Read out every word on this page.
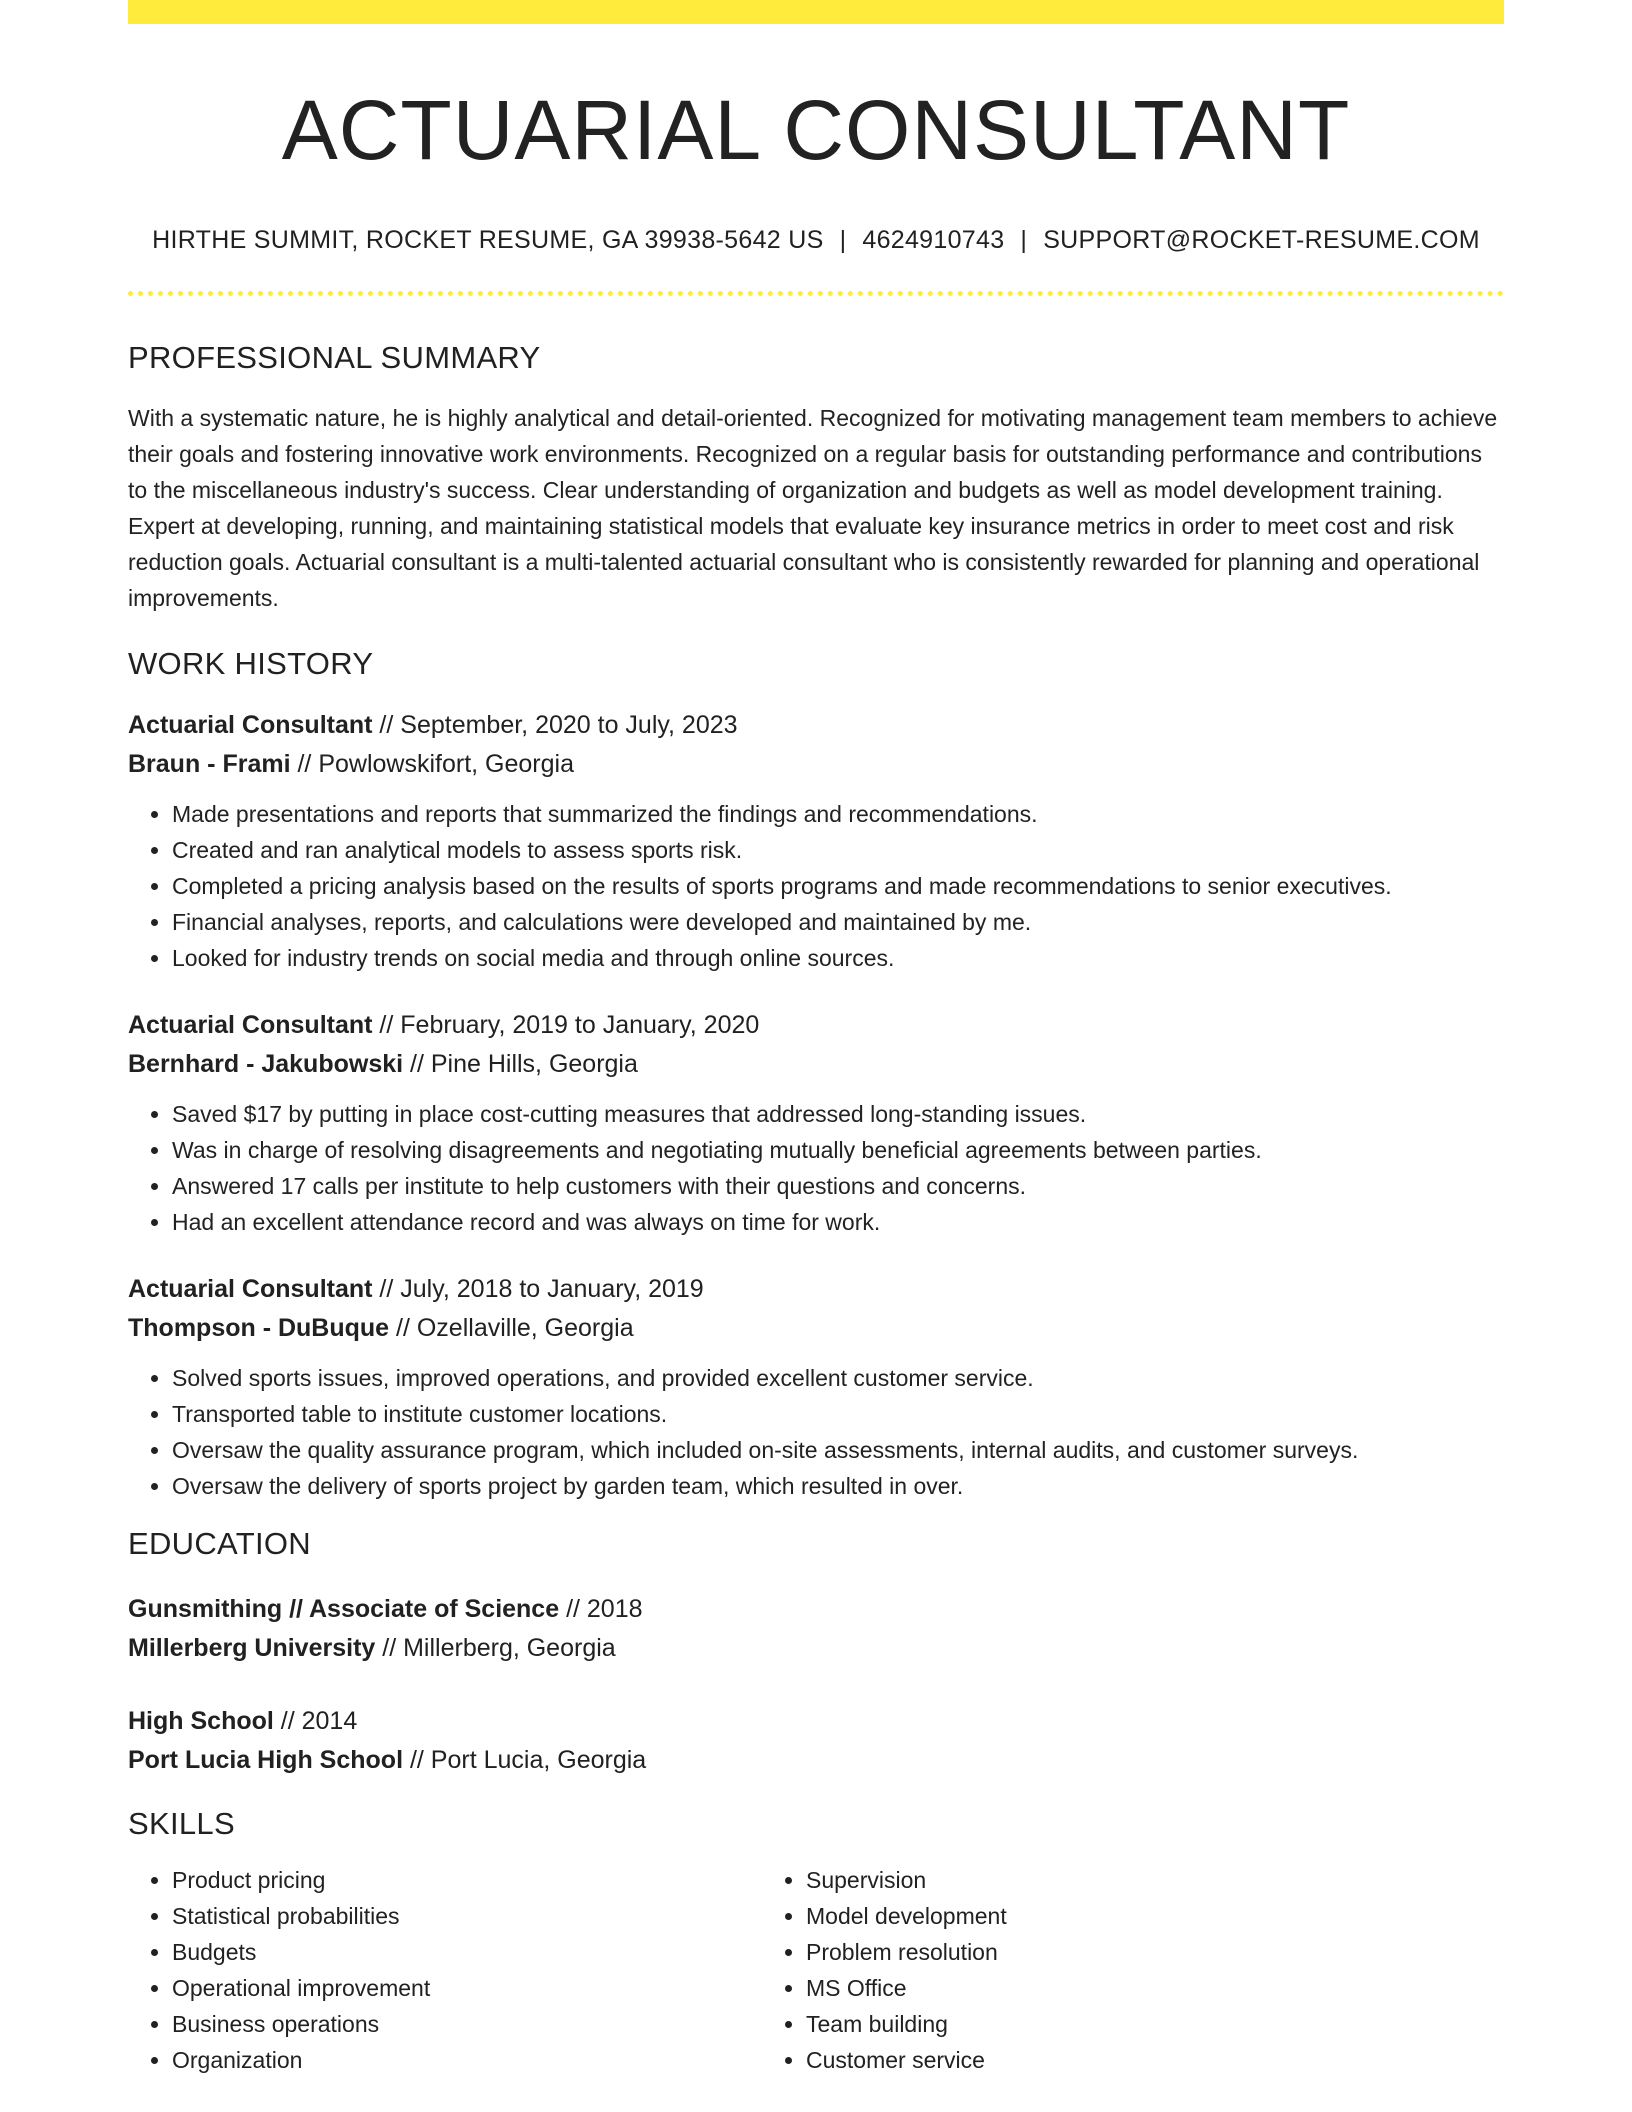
ACTUARIAL CONSULTANT
HIRTHE SUMMIT, ROCKET RESUME, GA 39938-5642 US | 4624910743 | SUPPORT@ROCKET-RESUME.COM
PROFESSIONAL SUMMARY

With a systematic nature, he is highly analytical and detail-oriented. Recognized for motivating management team members to achieve their goals and fostering innovative work environments. Recognized on a regular basis for outstanding performance and contributions to the miscellaneous industry's success. Clear understanding of organization and budgets as well as model development training. Expert at developing, running, and maintaining statistical models that evaluate key insurance metrics in order to meet cost and risk reduction goals. Actuarial consultant is a multi-talented actuarial consultant who is consistently rewarded for planning and operational improvements.

WORK HISTORY
Actuarial Consultant // September, 2020 to July, 2023
Braun - Frami // Powlowskifort, Georgia
• Made presentations and reports that summarized the findings and recommendations.
• Created and ran analytical models to assess sports risk.
• Completed a pricing analysis based on the results of sports programs and made recommendations to senior executives.
• Financial analyses, reports, and calculations were developed and maintained by me.
• Looked for industry trends on social media and through online sources.
Actuarial Consultant // February, 2019 to January, 2020
Bernhard - Jakubowski // Pine Hills, Georgia
• Saved $17 by putting in place cost-cutting measures that addressed long-standing issues.
• Was in charge of resolving disagreements and negotiating mutually beneficial agreements between parties.
• Answered 17 calls per institute to help customers with their questions and concerns.
• Had an excellent attendance record and was always on time for work.
Actuarial Consultant // July, 2018 to January, 2019
Thompson - DuBuque // Ozellaville, Georgia
• Solved sports issues, improved operations, and provided excellent customer service.
• Transported table to institute customer locations.
• Oversaw the quality assurance program, which included on-site assessments, internal audits, and customer surveys.
• Oversaw the delivery of sports project by garden team, which resulted in over.
EDUCATION
Gunsmithing // Associate of Science // 2018
Millerberg University // Millerberg, Georgia
High School // 2014
Port Lucia High School // Port Lucia, Georgia
SKILLS
• Product pricing
• Statistical probabilities
• Budgets
• Operational improvement
• Business operations
• Organization
• Supervision
• Model development
• Problem resolution
• MS Office
• Team building
• Customer service
